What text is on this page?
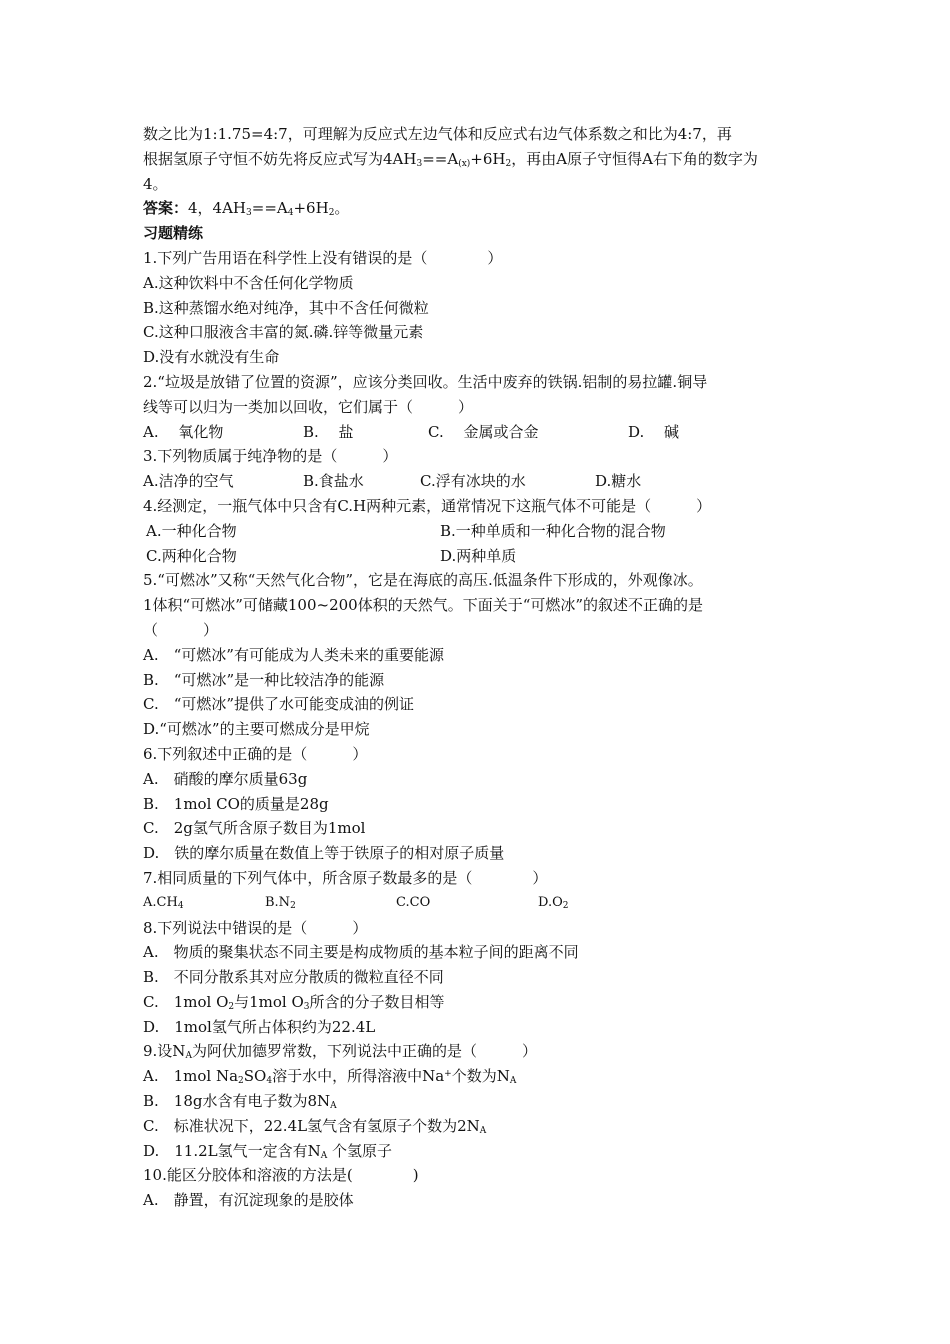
数之比为1:1.75=4:7，可理解为反应式左边气体和反应式右边气体系数之和比为4:7，再
根据氢原子守恒不妨先将反应式写为$4AH_3==A_{(x)}+6H_2$，再由A原子守恒得A右下角的数字为
4。
答案：4，$4AH_3==A_4+6H_2$。
习题精练
1.下列广告用语在科学性上没有错误的是（　　　　）
A.这种饮料中不含任何化学物质
B.这种蒸馏水绝对纯净，其中不含任何微粒
C.这种口服液含丰富的氮.磷.锌等微量元素
D.没有水就没有生命
2.“垃圾是放错了位置的资源”，应该分类回收。生活中废弃的铁锅.铝制的易拉罐.铜导
线等可以归为一类加以回收，它们属于（　　　）
A.　 氧化物	B.　 盐	C.　 金属或合金	D.　 碱
3.下列物质属于纯净物的是（　　　）
A.洁净的空气	B.食盐水	C.浮有冰块的水	D.糖水
4.经测定，一瓶气体中只含有C.H两种元素，通常情况下这瓶气体不可能是（　　　）
A.一种化合物	B.一种单质和一种化合物的混合物
C.两种化合物	D.两种单质
5.“可燃冰”又称“天然气化合物”，它是在海底的高压.低温条件下形成的，外观像冰。
1体积“可燃冰”可储藏100~200体积的天然气。下面关于“可燃冰”的叙述不正确的是
（　　　）
A.　“可燃冰”有可能成为人类未来的重要能源
B.　“可燃冰”是一种比较洁净的能源
C.　“可燃冰”提供了水可能变成油的例证
D.“可燃冰”的主要可燃成分是甲烷
6.下列叙述中正确的是（　　　）
A.　硝酸的摩尔质量63g
B.　1mol CO的质量是28g
C.　2g氢气所含原子数目为1mol
D.　铁的摩尔质量在数值上等于铁原子的相对原子质量
7.相同质量的下列气体中，所含原子数最多的是（　　　　）
$A.CH_4$	$B.N_2$	C.CO	$D.O_2$
8.下列说法中错误的是（　　　）
A.　物质的聚集状态不同主要是构成物质的基本粒子间的距离不同
B.　不同分散系其对应分散质的微粒直径不同
C.　1mol $O_2$与1mol $O_3$所含的分子数目相等
D.　1mol氢气所占体积约为22.4L
9.设$N_A$为阿伏加德罗常数，下列说法中正确的是（　　　）
A.　1mol $Na_2SO_4$溶于水中，所得溶液中Na+个数为$N_A$
B.　18g水含有电子数为$8N_A$
C.　标准状况下，22.4L氢气含有氢原子个数为$2N_A$
D.　11.2L氢气一定含有$N_A$ 个氢原子
10.能区分胶体和溶液的方法是(　　　　)
A.　静置，有沉淀现象的是胶体
